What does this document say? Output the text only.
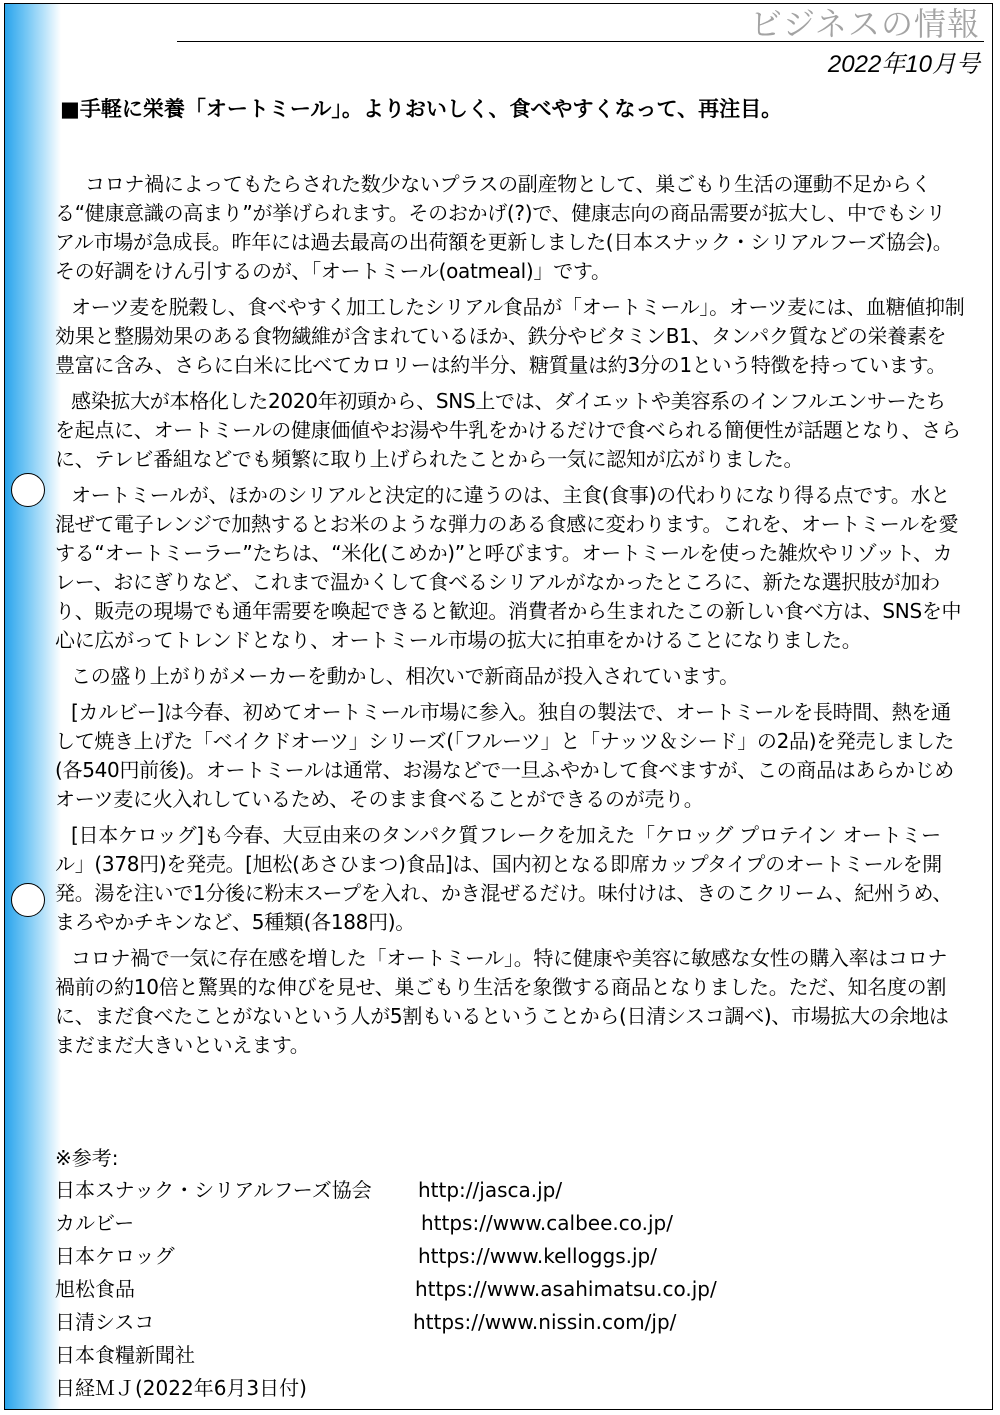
ビジネスの情報
2022年10月号
■手軽に栄養「オートミール」。よりおいしく、食べやすくなって、再注目。

コロナ禍によってもたらされた数少ないプラスの副産物として、巣ごもり生活の運動不足からくる“健康意識の高まり”が挙げられます。そのおかげ(?)で、健康志向の商品需要が拡大し、中でもシリアル市場が急成長。昨年には過去最高の出荷額を更新しました(日本スナック・シリアルフーズ協会)。その好調をけん引するのが、「オートミール(oatmeal)」です。

オーツ麦を脱穀し、食べやすく加工したシリアル食品が「オートミール」。オーツ麦には、血糖値抑制効果と整腸効果のある食物繊維が含まれているほか、鉄分やビタミンB1、タンパク質などの栄養素を豊富に含み、さらに白米に比べてカロリーは約半分、糖質量は約3分の1という特徴を持っています。

感染拡大が本格化した2020年初頭から、SNS上では、ダイエットや美容系のインフルエンサーたちを起点に、オートミールの健康価値やお湯や牛乳をかけるだけで食べられる簡便性が話題となり、さらに、テレビ番組などでも頻繁に取り上げられたことから一気に認知が広がりました。

オートミールが、ほかのシリアルと決定的に違うのは、主食(食事)の代わりになり得る点です。水と混ぜて電子レンジで加熱するとお米のような弾力のある食感に変わります。これを、オートミールを愛する“オートミーラー”たちは、“米化(こめか)”と呼びます。オートミールを使った雑炊やリゾット、カレー、おにぎりなど、これまで温かくして食べるシリアルがなかったところに、新たな選択肢が加わり、販売の現場でも通年需要を喚起できると歓迎。消費者から生まれたこの新しい食べ方は、SNSを中心に広がってトレンドとなり、オートミール市場の拡大に拍車をかけることになりました。

この盛り上がりがメーカーを動かし、相次いで新商品が投入されています。

[カルビー]は今春、初めてオートミール市場に参入。独自の製法で、オートミールを長時間、熱を通して焼き上げた「ベイクドオーツ」シリーズ(「フルーツ」と「ナッツ＆シード」の2品)を発売しました(各540円前後)。オートミールは通常、お湯などで一旦ふやかして食べますが、この商品はあらかじめオーツ麦に火入れしているため、そのまま食べることができるのが売り。

[日本ケロッグ]も今春、大豆由来のタンパク質フレークを加えた「ケロッグ プロテイン オートミール」(378円)を発売。[旭松(あさひまつ)食品]は、国内初となる即席カップタイプのオートミールを開発。湯を注いで1分後に粉末スープを入れ、かき混ぜるだけ。味付けは、きのこクリーム、紀州うめ、まろやかチキンなど、5種類(各188円)。

コロナ禍で一気に存在感を増した「オートミール」。特に健康や美容に敏感な女性の購入率はコロナ禍前の約10倍と驚異的な伸びを見せ、巣ごもり生活を象徴する商品となりました。ただ、知名度の割に、まだ食べたことがないという人が5割もいるということから(日清シスコ調べ)、市場拡大の余地はまだまだ大きいといえます。

※参考:
日本スナック・シリアルフーズ協会 http://jasca.jp/
カルビー	https://www.calbee.co.jp/
日本ケロッグ	https://www.kelloggs.jp/
旭松食品	https://www.asahimatsu.co.jp/
日清シスコ	https://www.nissin.com/jp/
日本食糧新聞社
日経ＭＪ(2022年6月3日付)
